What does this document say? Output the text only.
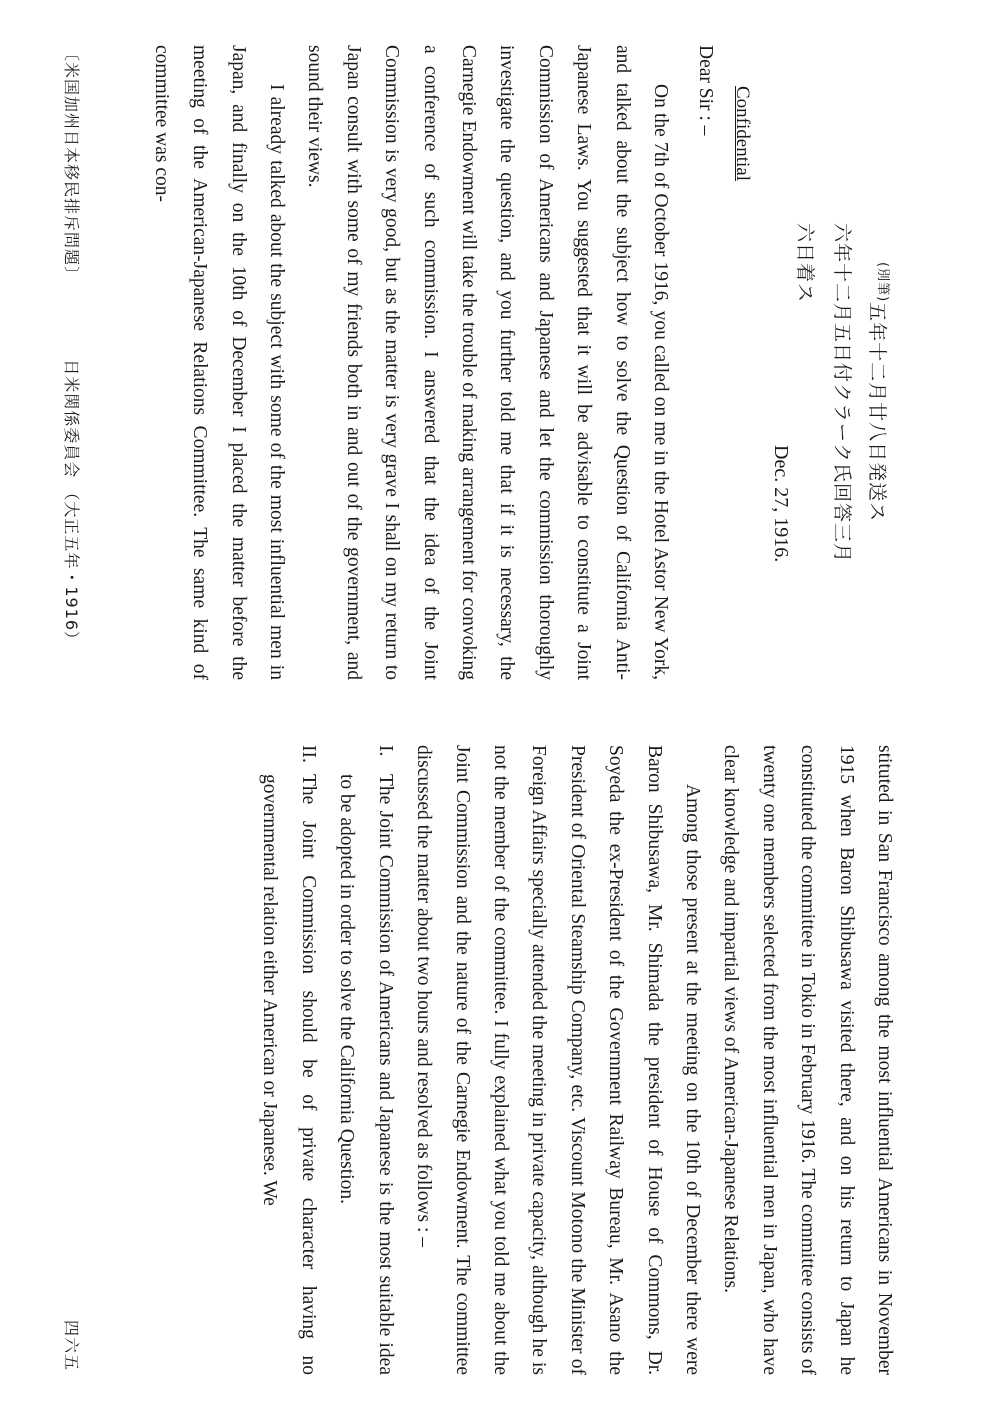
$^{(別筆)}$五年十二月廿八日発送ス
六年十二月五日付クラーク氏回答三月
六日着ス
Dec. 27, 1916.
Confidential
Dear Sir : –

On the 7th of October 1916, you called on me in the Hotel Astor New York, and talked about the subject how to solve the Question of California Anti-Japanese Laws. You suggested that it will be advisable to constitute a Joint Commission of Americans and Japanese and let the commission thoroughly investigate the question, and you further told me that if it is necessary, the Carnegie Endowment will take the trouble of making arrangement for convoking a conference of such commission. I answered that the idea of the Joint Commission is very good, but as the matter is very grave I shall on my return to Japan consult with some of my friends both in and out of the government, and sound their views.

I already talked about the subject with some of the most influential men in Japan, and finally on the 10th of December I placed the matter before the meeting of the American-Japanese Relations Committee. The same kind of committee was con-

〔米国加州日本移民排斥問題〕  日米関係委員会 （大正五年・1916）

stituted in San Francisco among the most influential Americans in November 1915 when Baron Shibusawa visited there, and on his return to Japan he constituted the committee in Tokio in February 1916. The committee consists of twenty one members selected from the most influential men in Japan, who have clear knowledge and impartial views of American-Japanese Relations.

Among those present at the meeting on the 10th of December there were Baron Shibusawa, Mr. Shimada the president of House of Commons, Dr. Soyeda the ex-President of the Government Railway Bureau, Mr. Asano the President of Oriental Steamship Company, etc. Viscount Motono the Minister of Foreign Affairs specially attended the meeting in private capacity, although he is not the member of the committee. I fully explained what you told me about the Joint Commission and the nature of the Carnegie Endowment. The committee discussed the matter about two hours and resolved as follows : –

I.
The Joint Commission of Americans and Japanese is the most suitable idea to be adopted in order to solve the California Question.
II.
The Joint Commission should be of private character having no governmental relation either American or Japanese. We
四六五
